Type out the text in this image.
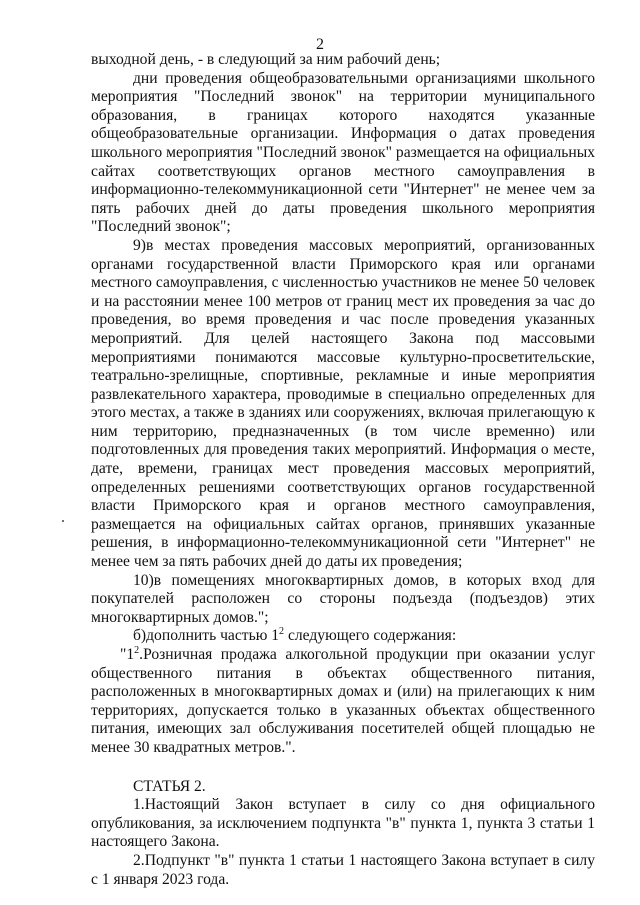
2

выходной день, - в следующий за ним рабочий день;

дни проведения общеобразовательными организациями школьного мероприятия "Последний звонок" на территории муниципального образования, в границах которого находятся указанные общеобразовательные организации. Информация о датах проведения школьного мероприятия "Последний звонок" размещается на официальных сайтах соответствующих органов местного самоуправления в информационно-телекоммуникационной сети "Интернет" не менее чем за пять рабочих дней до даты проведения школьного мероприятия "Последний звонок";

9)в местах проведения массовых мероприятий, организованных органами государственной власти Приморского края или органами местного самоуправления, с численностью участников не менее 50 человек и на расстоянии менее 100 метров от границ мест их проведения за час до проведения, во время проведения и час после проведения указанных мероприятий. Для целей настоящего Закона под массовыми мероприятиями понимаются массовые культурно-просветительские, театрально-зрелищные, спортивные, рекламные и иные мероприятия развлекательного характера, проводимые в специально определенных для этого местах, а также в зданиях или сооружениях, включая прилегающую к ним территорию, предназначенных (в том числе временно) или подготовленных для проведения таких мероприятий. Информация о месте, дате, времени, границах мест проведения массовых мероприятий, определенных решениями соответствующих органов государственной власти Приморского края и органов местного самоуправления, размещается на официальных сайтах органов, принявших указанные решения, в информационно-телекоммуникационной сети "Интернет" не менее чем за пять рабочих дней до даты их проведения;

10)в помещениях многоквартирных домов, в которых вход для покупателей расположен со стороны подъезда (подъездов) этих многоквартирных домов.";

б)дополнить частью $1^2$ следующего содержания:

"$1^2.Розничная$ продажа алкогольной продукции при оказании услуг общественного питания в объектах общественного питания, расположенных в многоквартирных домах и (или) на прилегающих к ним территориях, допускается только в указанных объектах общественного питания, имеющих зал обслуживания посетителей общей площадью не менее 30 квадратных метров.".

СТАТЬЯ 2.

1.Настоящий Закон вступает в силу со дня официального опубликования, за исключением подпункта "в" пункта 1, пункта 3 статьи 1 настоящего Закона.

2.Подпункт "в" пункта 1 статьи 1 настоящего Закона вступает в силу с 1 января 2023 года.
